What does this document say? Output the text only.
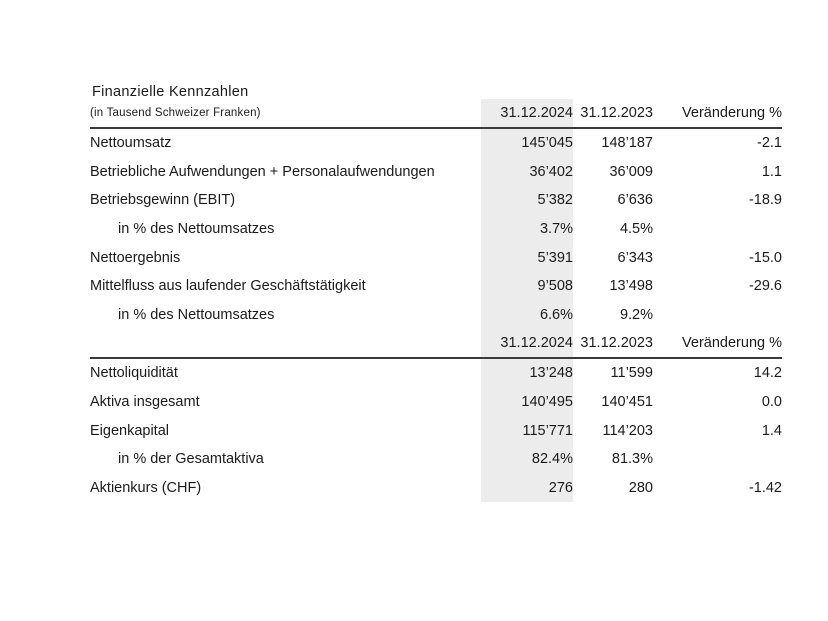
Finanzielle Kennzahlen
(in Tausend Schweizer Franken)	31.12.2024	31.12.2023	Veränderung %
Nettoumsatz	145’045	148’187	-2.1
Betriebliche Aufwendungen + Personalaufwendungen	36’402	36’009	1.1
Betriebsgewinn (EBIT)	5’382	6’636	-18.9
in % des Nettoumsatzes	3.7%	4.5%	
Nettoergebnis	5’391	6’343	-15.0
Mittelfluss aus laufender Geschäftstätigkeit	9’508	13’498	-29.6
in % des Nettoumsatzes	6.6%	9.2%	
	31.12.2024	31.12.2023	Veränderung %
Nettoliquidität	13’248	11’599	14.2
Aktiva insgesamt	140’495	140’451	0.0
Eigenkapital	115’771	114’203	1.4
in % der Gesamtaktiva	82.4%	81.3%	
Aktienkurs (CHF)	276	280	-1.42
